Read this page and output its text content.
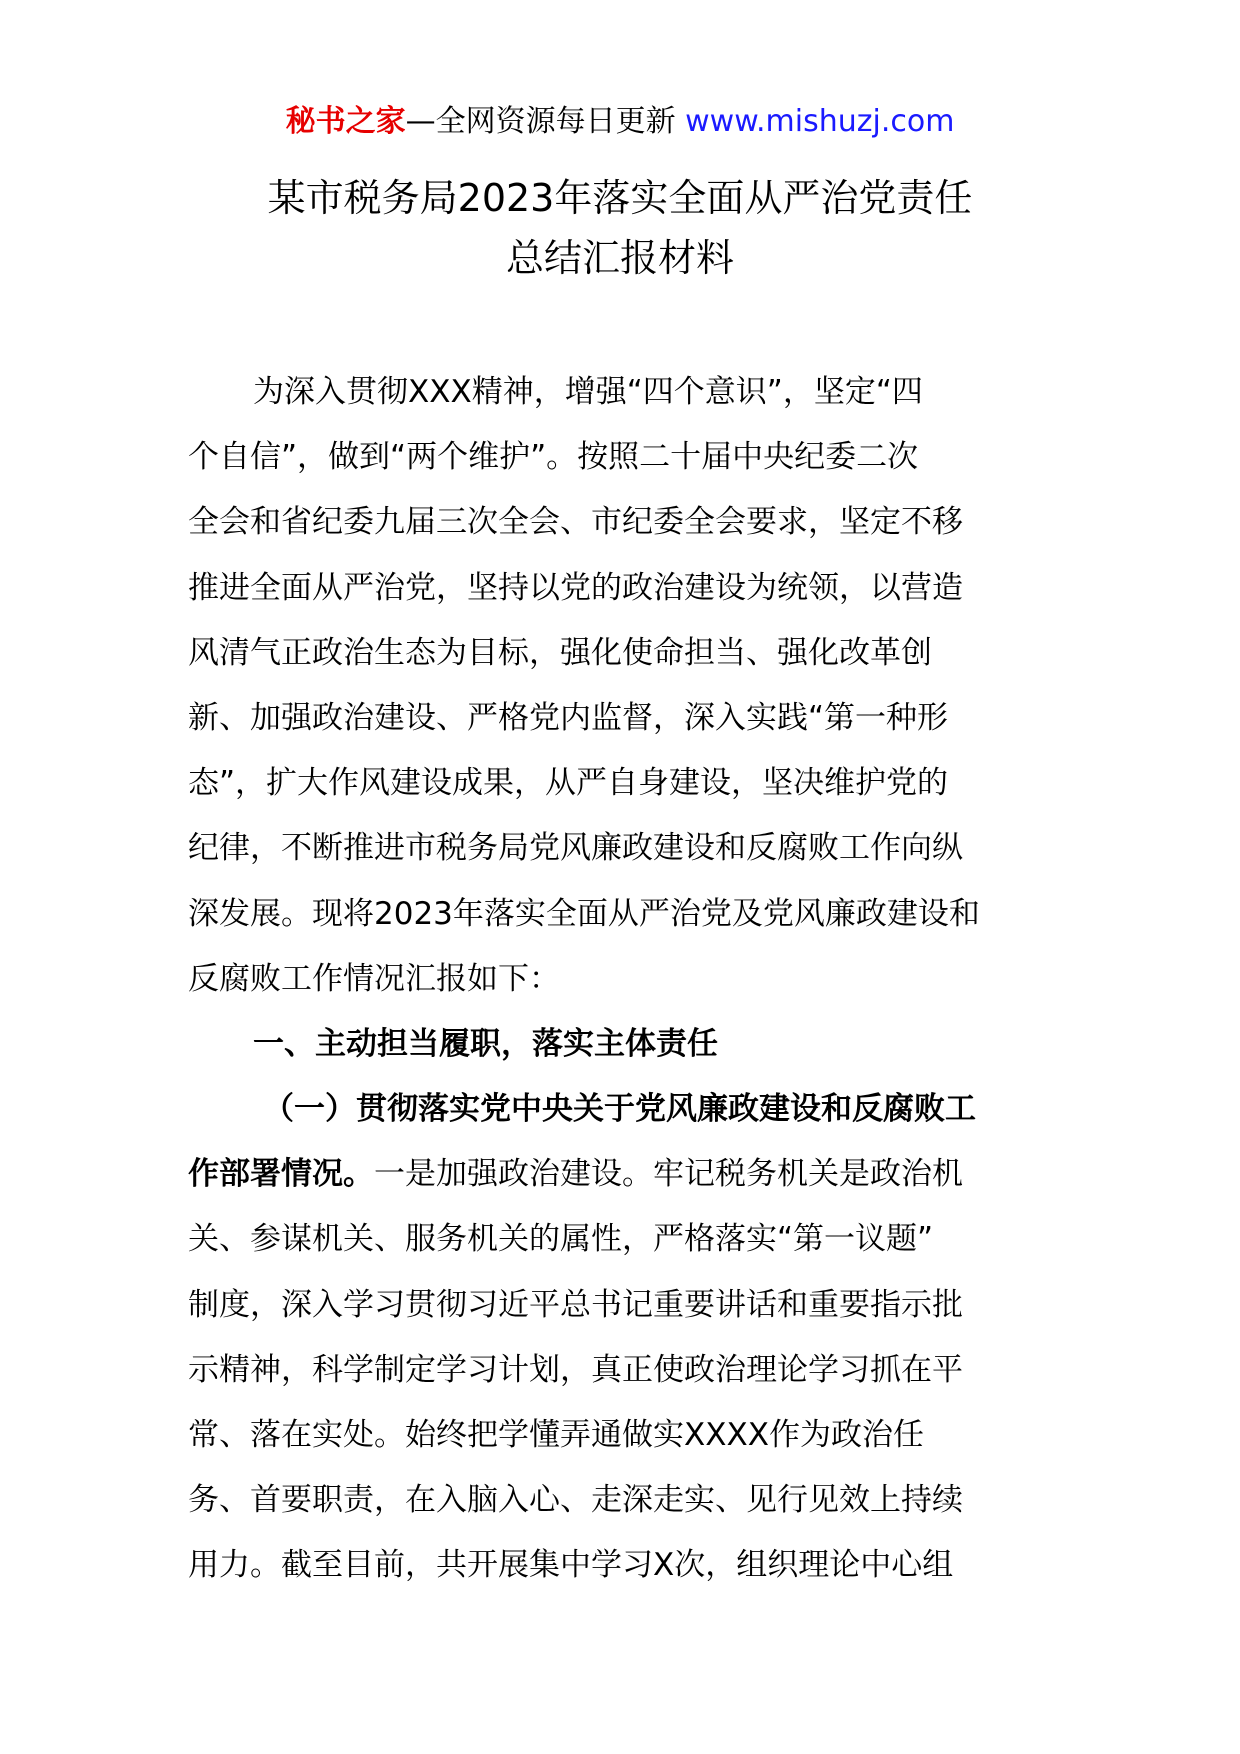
秘书之家—全网资源每日更新 www.mishuzj.com
某市税务局2023年落实全面从严治党责任
总结汇报材料
为深入贯彻XXX精神，增强“四个意识”，坚定“四
个自信”，做到“两个维护”。按照二十届中央纪委二次
全会和省纪委九届三次全会、市纪委全会要求，坚定不移
推进全面从严治党，坚持以党的政治建设为统领，以营造
风清气正政治生态为目标，强化使命担当、强化改革创
新、加强政治建设、严格党内监督，深入实践“第一种形
态”，扩大作风建设成果，从严自身建设，坚决维护党的
纪律，不断推进市税务局党风廉政建设和反腐败工作向纵
深发展。现将2023年落实全面从严治党及党风廉政建设和
反腐败工作情况汇报如下：
一、主动担当履职，落实主体责任
（一）贯彻落实党中央关于党风廉政建设和反腐败工
作部署情况。一是加强政治建设。牢记税务机关是政治机
关、参谋机关、服务机关的属性，严格落实“第一议题”
制度，深入学习贯彻习近平总书记重要讲话和重要指示批
示精神，科学制定学习计划，真正使政治理论学习抓在平
常、落在实处。始终把学懂弄通做实XXXX作为政治任
务、首要职责，在入脑入心、走深走实、见行见效上持续
用力。截至目前，共开展集中学习X次，组织理论中心组
